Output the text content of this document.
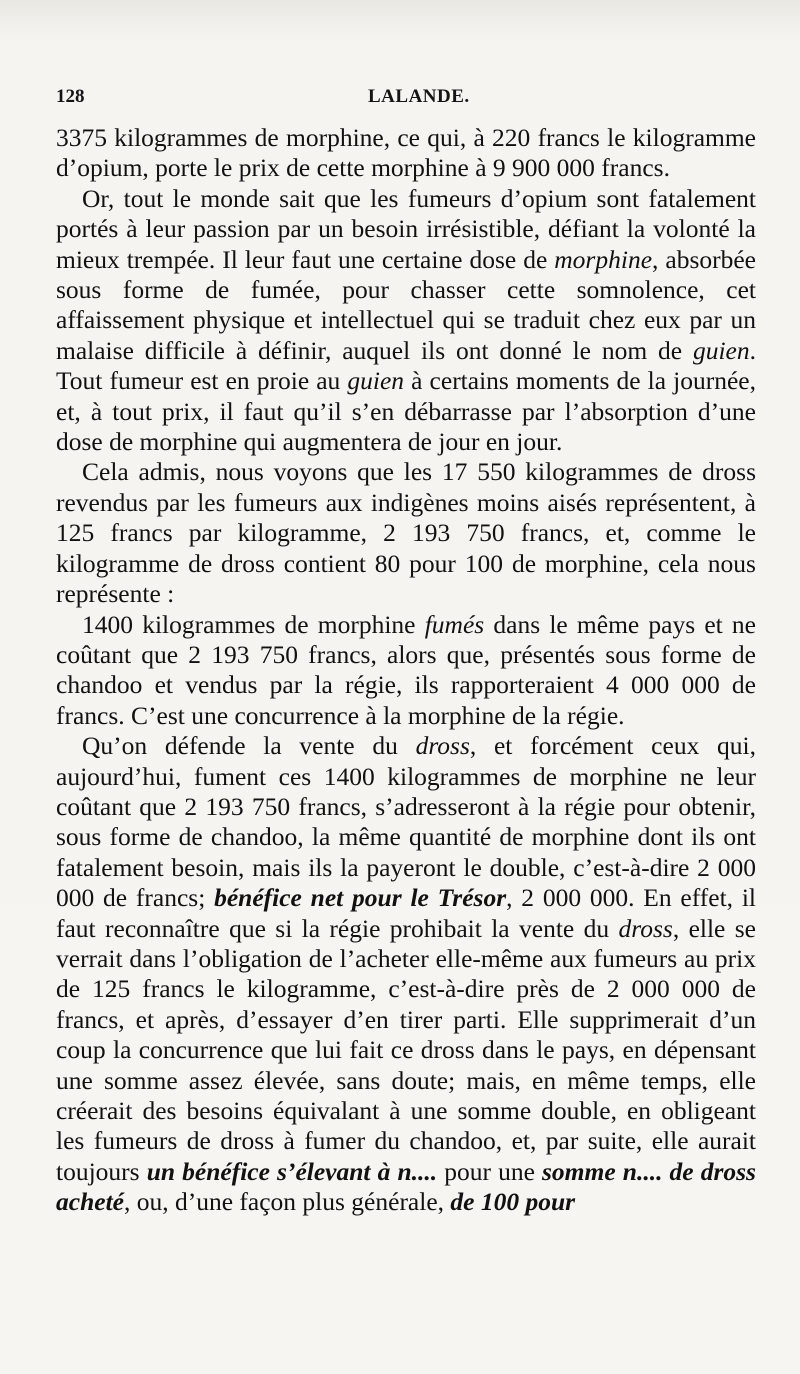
128	LALANDE.

3375 kilogrammes de morphine, ce qui, à 220 francs le kilogramme d’opium, porte le prix de cette morphine à 9 900 000 francs.

Or, tout le monde sait que les fumeurs d’opium sont fatalement portés à leur passion par un besoin irrésistible, défiant la volonté la mieux trempée. Il leur faut une certaine dose de morphine, absorbée sous forme de fumée, pour chasser cette somnolence, cet affaissement physique et intellectuel qui se traduit chez eux par un malaise difficile à définir, auquel ils ont donné le nom de guien. Tout fumeur est en proie au guien à certains moments de la journée, et, à tout prix, il faut qu’il s’en débarrasse par l’absorption d’une dose de morphine qui augmentera de jour en jour.

Cela admis, nous voyons que les 17 550 kilogrammes de dross revendus par les fumeurs aux indigènes moins aisés représentent, à 125 francs par kilogramme, 2 193 750 francs, et, comme le kilogramme de dross contient 80 pour 100 de morphine, cela nous représente :

1400 kilogrammes de morphine fumés dans le même pays et ne coûtant que 2 193 750 francs, alors que, présentés sous forme de chandoo et vendus par la régie, ils rapporteraient 4 000 000 de francs. C’est une concurrence à la morphine de la régie.

Qu’on défende la vente du dross, et forcément ceux qui, aujourd’hui, fument ces 1400 kilogrammes de morphine ne leur coûtant que 2 193 750 francs, s’adresseront à la régie pour obtenir, sous forme de chandoo, la même quantité de morphine dont ils ont fatalement besoin, mais ils la payeront le double, c’est-à-dire 2 000 000 de francs; bénéfice net pour le Trésor, 2 000 000. En effet, il faut reconnaître que si la régie prohibait la vente du dross, elle se verrait dans l’obligation de l’acheter elle-même aux fumeurs au prix de 125 francs le kilogramme, c’est-à-dire près de 2 000 000 de francs, et après, d’essayer d’en tirer parti. Elle supprimerait d’un coup la concurrence que lui fait ce dross dans le pays, en dépensant une somme assez élevée, sans doute; mais, en même temps, elle créerait des besoins équivalant à une somme double, en obligeant les fumeurs de dross à fumer du chandoo, et, par suite, elle aurait toujours un bénéfice s’élevant à n.... pour une somme n.... de dross acheté, ou, d’une façon plus générale, de 100 pour
